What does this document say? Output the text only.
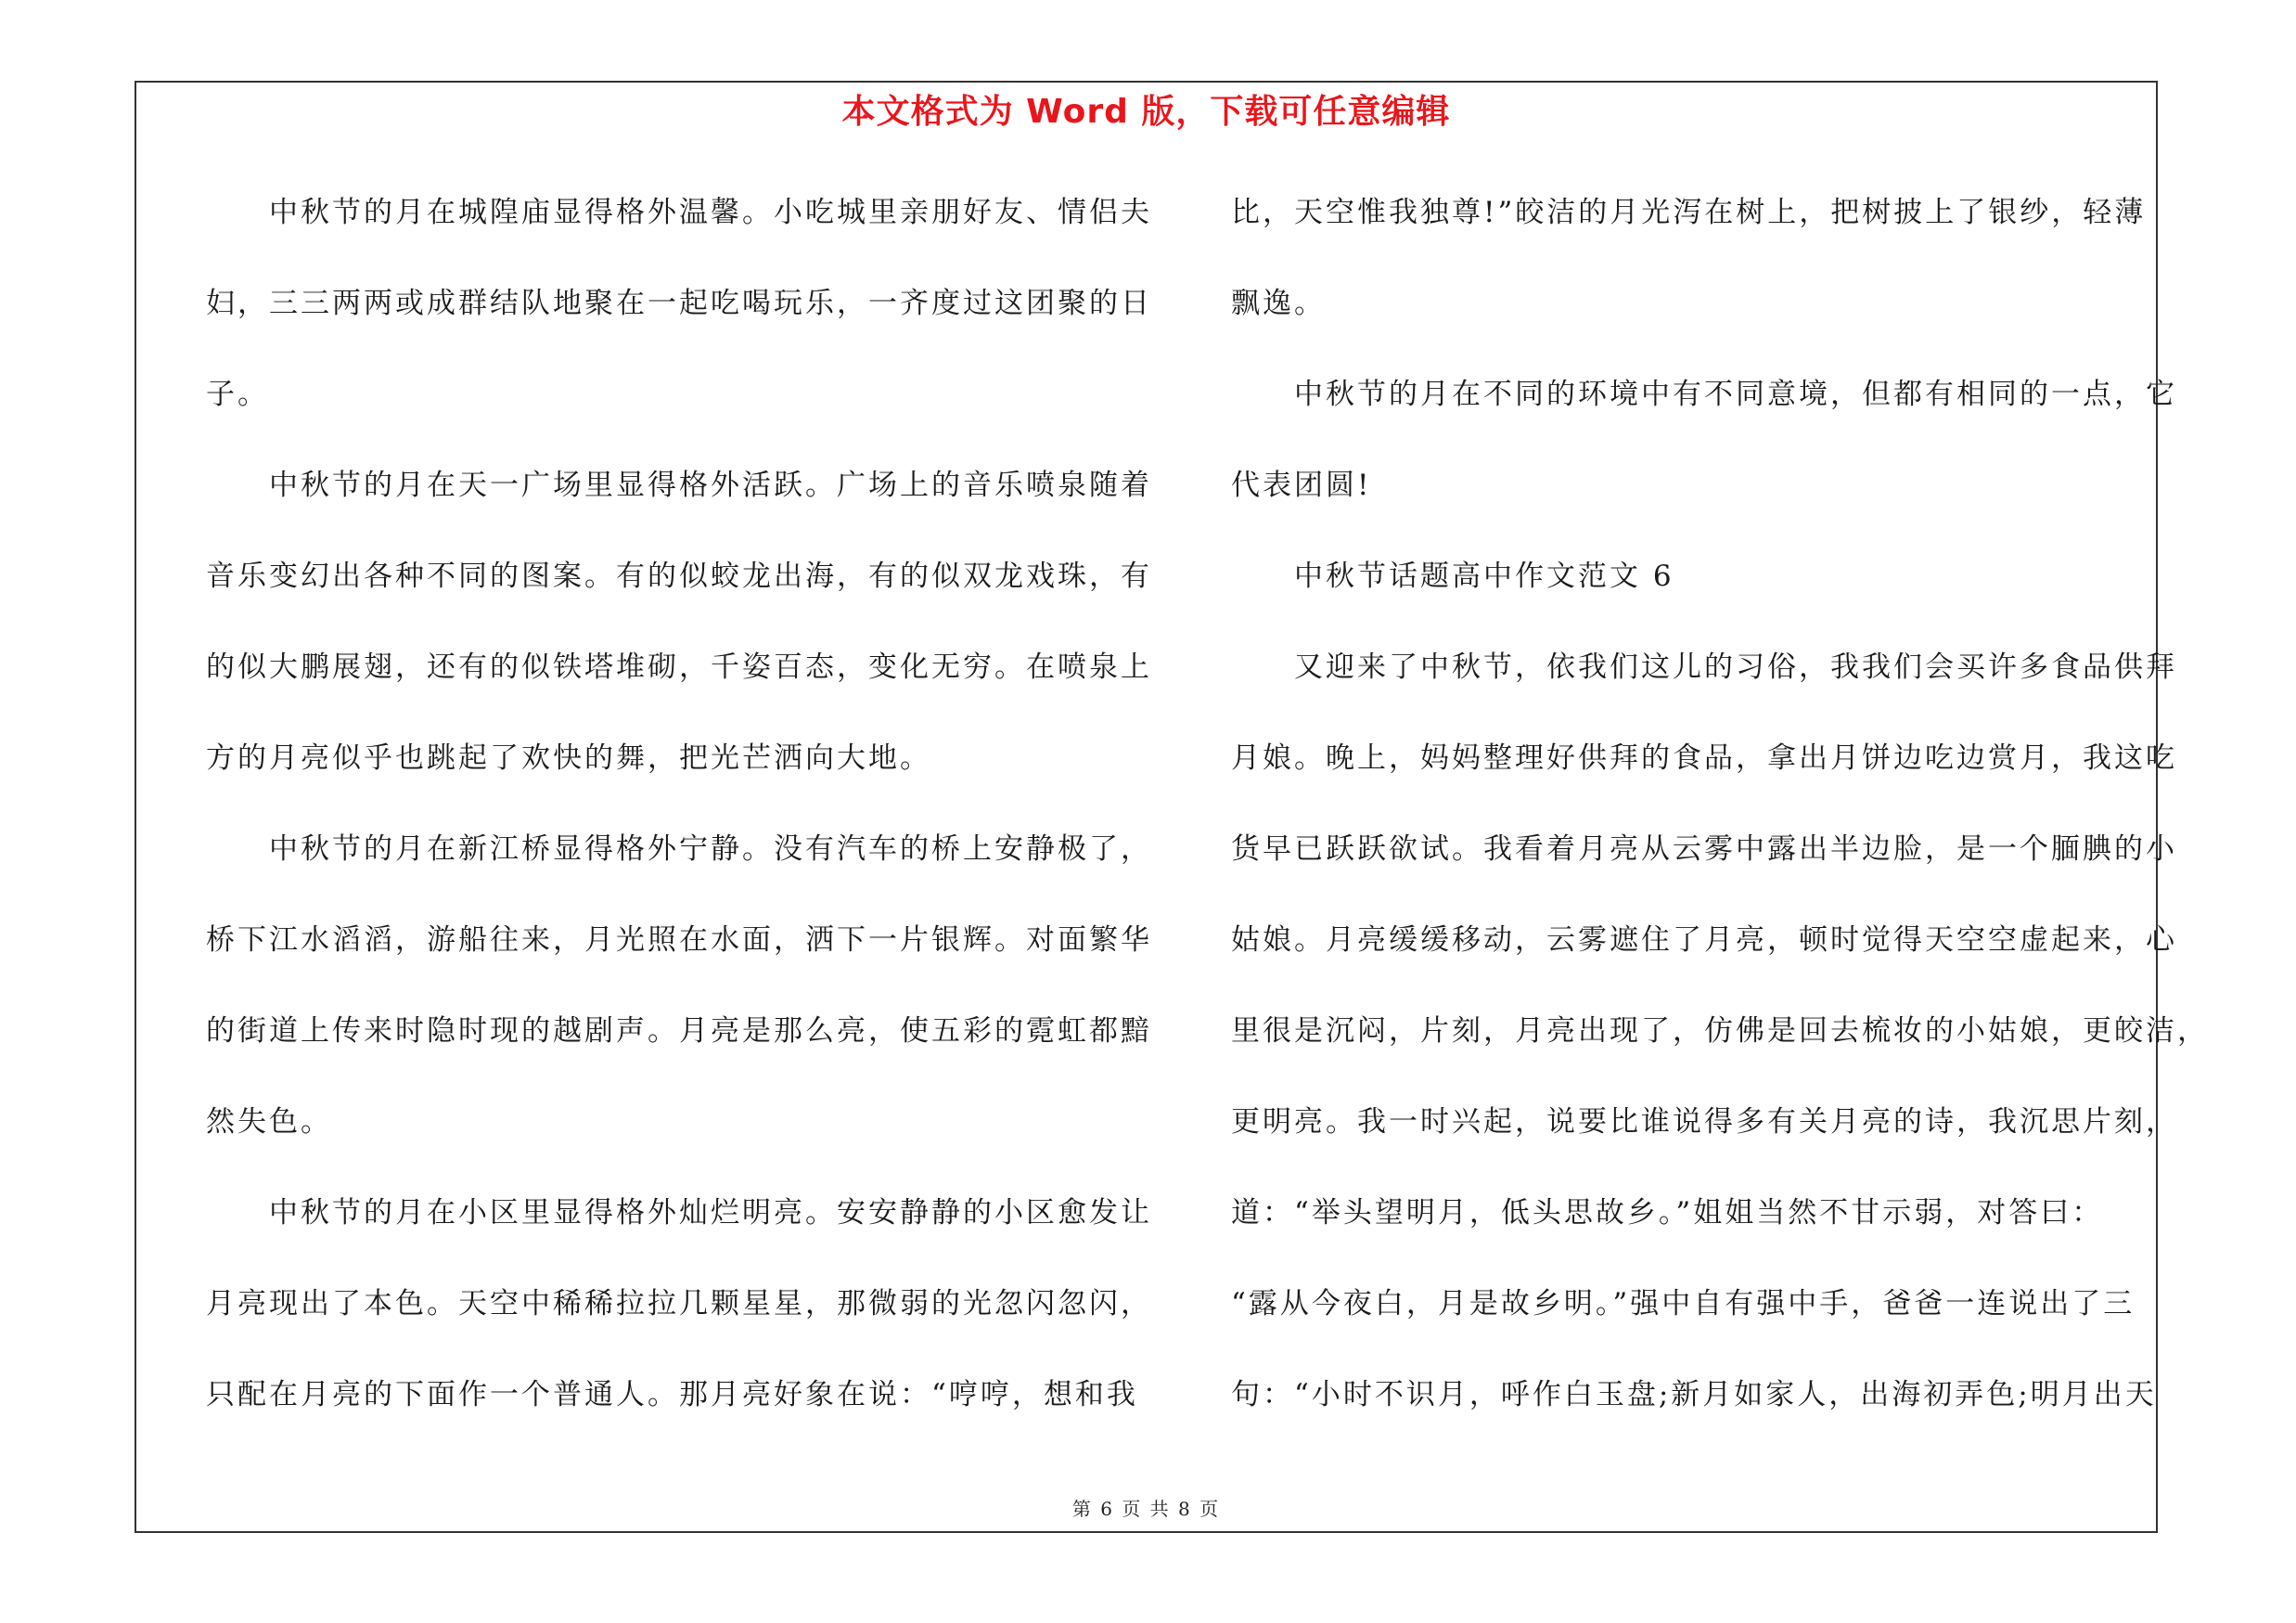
本文格式为 Word 版，下载可任意编辑
　　中秋节的月在城隍庙显得格外温馨。小吃城里亲朋好友、情侣夫
妇，三三两两或成群结队地聚在一起吃喝玩乐，一齐度过这团聚的日
子。
　　中秋节的月在天一广场里显得格外活跃。广场上的音乐喷泉随着
音乐变幻出各种不同的图案。有的似蛟龙出海，有的似双龙戏珠，有
的似大鹏展翅，还有的似铁塔堆砌，千姿百态，变化无穷。在喷泉上
方的月亮似乎也跳起了欢快的舞，把光芒洒向大地。
　　中秋节的月在新江桥显得格外宁静。没有汽车的桥上安静极了，
桥下江水滔滔，游船往来，月光照在水面，洒下一片银辉。对面繁华
的街道上传来时隐时现的越剧声。月亮是那么亮，使五彩的霓虹都黯
然失色。
　　中秋节的月在小区里显得格外灿烂明亮。安安静静的小区愈发让
月亮现出了本色。天空中稀稀拉拉几颗星星，那微弱的光忽闪忽闪，
只配在月亮的下面作一个普通人。那月亮好象在说：“哼哼，想和我
比，天空惟我独尊!”皎洁的月光泻在树上，把树披上了银纱，轻薄
飘逸。
　　中秋节的月在不同的环境中有不同意境，但都有相同的一点，它
代表团圆!
　　中秋节话题高中作文范文 6
　　又迎来了中秋节，依我们这儿的习俗，我我们会买许多食品供拜
月娘。晚上，妈妈整理好供拜的食品，拿出月饼边吃边赏月，我这吃
货早已跃跃欲试。我看着月亮从云雾中露出半边脸，是一个腼腆的小
姑娘。月亮缓缓移动，云雾遮住了月亮，顿时觉得天空空虚起来，心
里很是沉闷，片刻，月亮出现了，仿佛是回去梳妆的小姑娘，更皎洁，
更明亮。我一时兴起，说要比谁说得多有关月亮的诗，我沉思片刻，
道：“举头望明月，低头思故乡。”姐姐当然不甘示弱，对答曰：
“露从今夜白，月是故乡明。”强中自有强中手，爸爸一连说出了三
句：“小时不识月，呼作白玉盘;新月如家人，出海初弄色;明月出天
第 6 页 共 8 页
